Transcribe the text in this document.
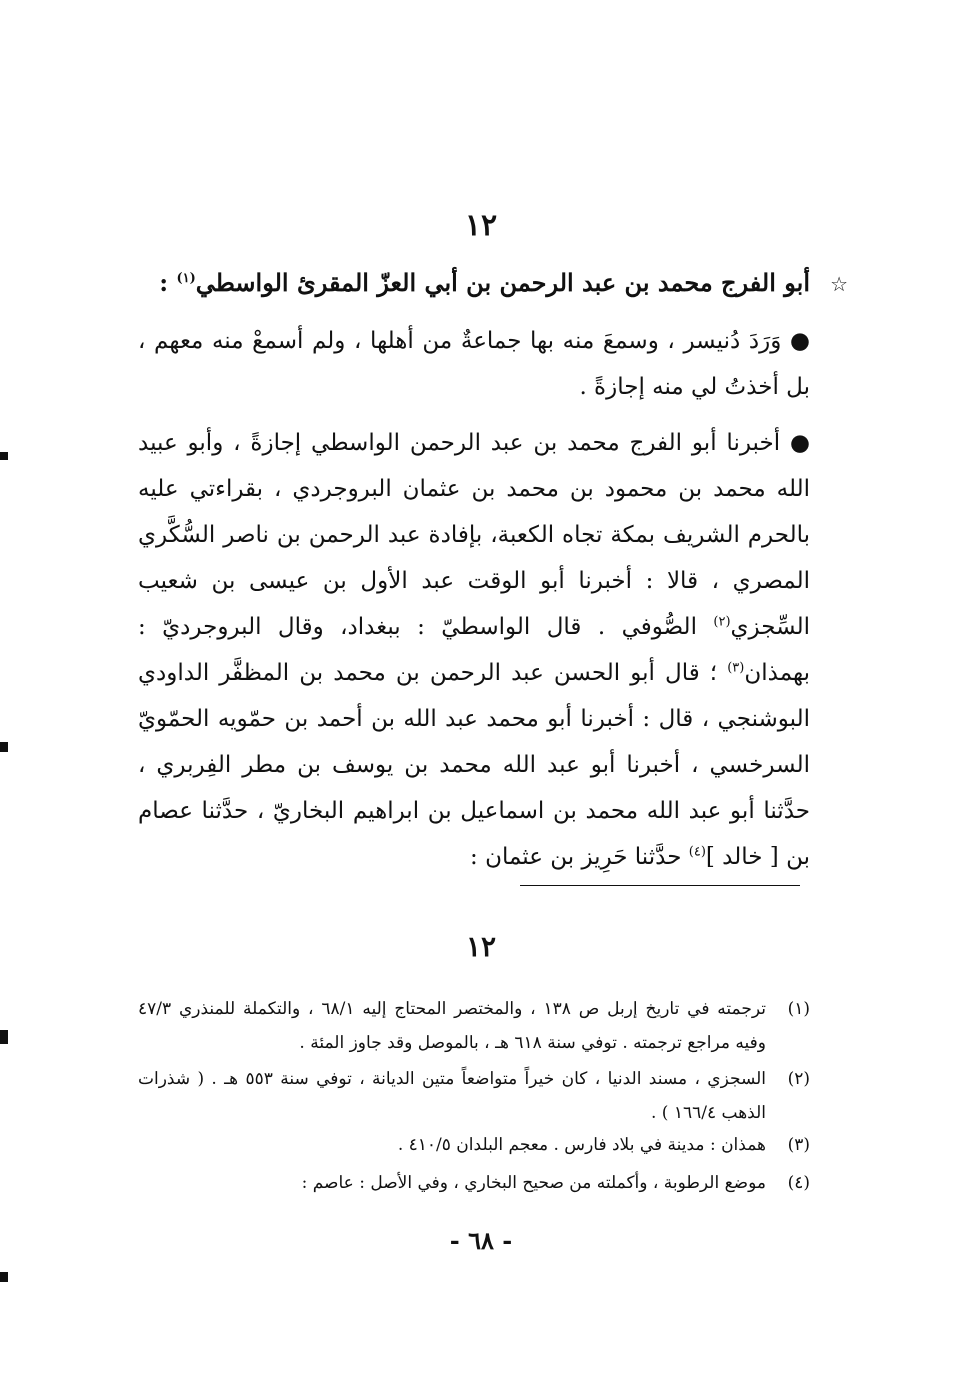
١٢
☆
أبو الفرج محمد بن عبد الرحمن بن أبي العزّ المقرئ الواسطي$^{(١)}$ :
● وَرَدَ دُنيسر ، وسمعَ منه بها جماعةٌ من أهلها ، ولم أسمعْ منه معهم ، بل أخذتُ لي منه إجازةً .
● أخبرنا أبو الفرج محمد بن عبد الرحمن الواسطي إجازةً ، وأبو عبيد الله محمد بن محمود بن محمد بن عثمان البروجردي ، بقراءتي عليه بالحرم الشريف بمكة تجاه الكعبة، بإفادة عبد الرحمن بن ناصر السُّكَّري المصري ، قالا : أخبرنا أبو الوقت عبد الأول بن عيسى بن شعيب السِّجزي$^{(٢)}$ الصُّوفي . قال الواسطيّ : ببغداد، وقال البروجرديّ : بهمذان$^{(٣)}$ ؛ قال أبو الحسن عبد الرحمن بن محمد بن المظفَّر الداودي البوشنجي ، قال : أخبرنا أبو محمد عبد الله بن أحمد بن حمّويه الحمّويّ السرخسي ، أخبرنا أبو عبد الله محمد بن يوسف بن مطر الفِربري ، حدَّثنا أبو عبد الله محمد بن اسماعيل بن ابراهيم البخاريّ ، حدَّثنا عصام بن [ خالد ]$^{(٤)}$ حدَّثنا حَرِيز بن عثمان :
١٢
(١)
ترجمته في تاريخ إربل ص ١٣٨ ، والمختصر المحتاج إليه ٦٨/١ ، والتكملة للمنذري ٤٧/٣ وفيه مراجع ترجمته . توفي سنة ٦١٨ هـ ، بالموصل وقد جاوز المئة .
(٢)
السجزي ، مسند الدنيا ، كان خيراً متواضعاً متين الديانة ، توفي سنة ٥٥٣ هـ . ( شذرات الذهب ١٦٦/٤ ) .
(٣)
همذان : مدينة في بلاد فارس . معجم البلدان ٤١٠/٥ .
(٤)
موضع الرطوبة ، وأكملته من صحيح البخاري ، وفي الأصل : عاصم :
- ٦٨ -
